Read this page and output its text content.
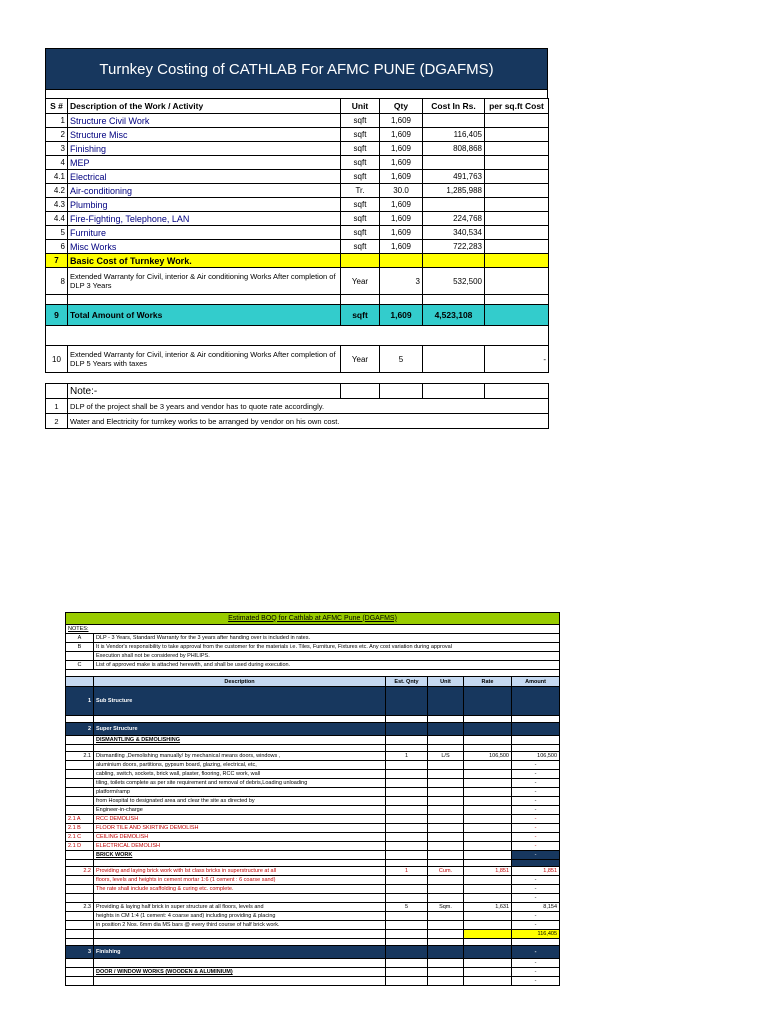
Turnkey Costing of CATHLAB For AFMC PUNE (DGAFMS)
S #	Description of the Work / Activity	Unit	Qty	Cost In Rs.	per sq.ft Cost
1	Structure Civil Work	sqft	1,609		
2	Structure Misc	sqft	1,609	116,405	
3	Finishing	sqft	1,609	808,868	
4	MEP	sqft	1,609		
4.1	Electrical	sqft	1,609	491,763	
4.2	Air-conditioning	Tr.	30.0	1,285,988	
4.3	Plumbing	sqft	1,609		
4.4	Fire-Fighting, Telephone, LAN	sqft	1,609	224,768	
5	Furniture	sqft	1,609	340,534	
6	Misc Works	sqft	1,609	722,283	
7	Basic Cost of Turnkey Work.				
8	Extended Warranty for Civil, interior & Air conditioning Works After completion of DLP 3 Years	Year	3	532,500	

9	Total Amount of Works	sqft	1,609	4,523,108	

10	Extended Warranty for Civil, interior & Air conditioning Works After completion of DLP 5 Years with taxes	Year	5		-
	Note:-				
1	DLP of the project shall be 3 years and vendor has to quote rate accordingly.				
2	Water and Electricity for turnkey works to be arranged by vendor on his own cost.				
Estimated BOQ for Cathlab at AFMC Pune (DGAFMS)					
NOTES:					
A	DLP - 3 Years, Standard Warranty for the 3 years after handing over is included in rates.				
B	It is Vendor's responsibility to take approval from the customer for the materials i.e. Tiles, Furniture, Fixtures etc. Any cost variation during approval				
	Execution shall not be considered by PHILIPS.				
C	List of approved make is attached herewith, and shall be used during execution.				

	Description	Est. Qnty	Unit	Rate	Amount
1	Sub Structure				

2	Super Structure				
	DISMANTLING & DEMOLISHING				

2.1	Dismantling ,Demolishing manually/ by mechanical means doors, windows ,	1	L/S	106,500	106,500
	aluminium doors, partitions, gypsum board, glazing, electrical, etc,				-
	cabling, switch, sockets, brick wall, plaster, flooring, RCC work, wall				-
	tiling, toilets complete as per site requirement and removal of debris,Loading unloading				-
	platform/ramp				-
	from Hospital to designated area and clear the site as directed by				-
	Engineer-in-charge				-
2.1 A	RCC DEMOLISH				-
2.1 B	FLOOR TILE AND SKIRTING DEMOLISH				-
2.1 C	CEILING DEMOLISH				-
2.1 D	ELECTRICAL DEMOLISH				-
	BRICK WORK				-

2.2	Providing and laying brick work with Ist class bricks in superstructure at all	1	Cum.	1,851	1,851
	floors, levels and heights in cement mortar 1:6 (1 cement : 6 coarse sand)				-
	The rate shall include scaffolding & curing etc. complete.				-
					-
2.3	Providing & laying half brick in super structure at all floors, levels and	5	Sqm.	1,631	8,154
	heights in CM 1:4 (1 cement: 4 coarse sand) including providing & placing				-
	in position 2 Nos. 6mm dia MS bars @ every third course of half brick work.				-
					116,405

3	Finishing				-
					-
	DOOR / WINDOW WORKS (WOODEN & ALUMINIUM)				-
					-
